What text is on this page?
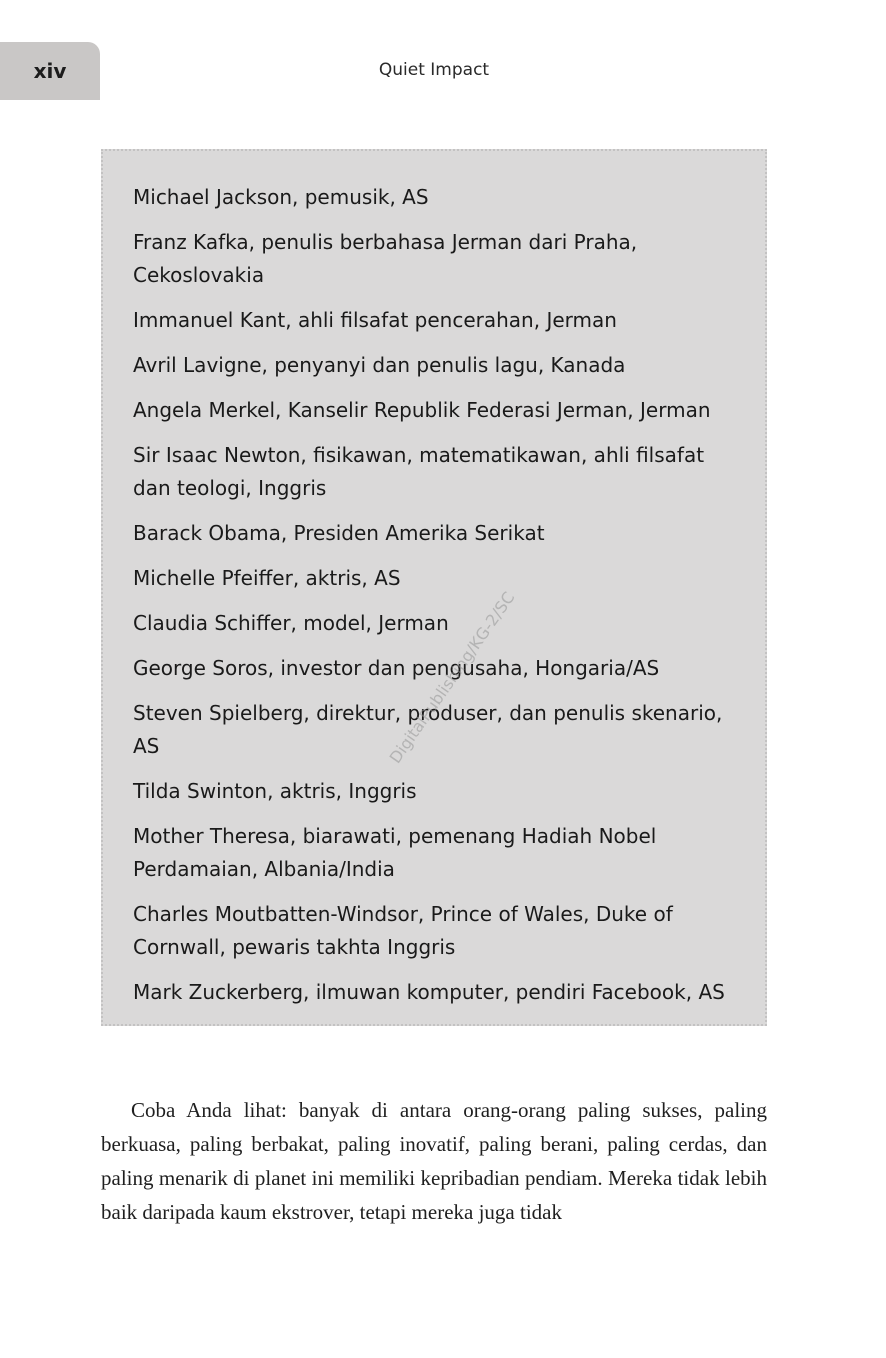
xiv	Quiet Impact
Michael Jackson, pemusik, AS
Franz Kafka, penulis berbahasa Jerman dari Praha, Cekoslovakia
Immanuel Kant, ahli filsafat pencerahan, Jerman
Avril Lavigne, penyanyi dan penulis lagu, Kanada
Angela Merkel, Kanselir Republik Federasi Jerman, Jerman
Sir Isaac Newton, fisikawan, matematikawan, ahli filsafat dan teologi, Inggris
Barack Obama, Presiden Amerika Serikat
Michelle Pfeiffer, aktris, AS
Claudia Schiffer, model, Jerman
George Soros, investor dan pengusaha, Hongaria/AS
Steven Spielberg, direktur, produser, dan penulis skenario, AS
Tilda Swinton, aktris, Inggris
Mother Theresa, biarawati, pemenang Hadiah Nobel Perdamaian, Albania/India
Charles Moutbatten-Windsor, Prince of Wales, Duke of Cornwall, pewaris takhta Inggris
Mark Zuckerberg, ilmuwan komputer, pendiri Facebook, AS
DigitalPublishing/KG-2/SC

Coba Anda lihat: banyak di antara orang-orang paling sukses, paling berkuasa, paling berbakat, paling inovatif, paling berani, paling cerdas, dan paling menarik di planet ini memiliki kepribadian pendiam. Mereka tidak lebih baik daripada kaum ekstrover, tetapi mereka juga tidak
